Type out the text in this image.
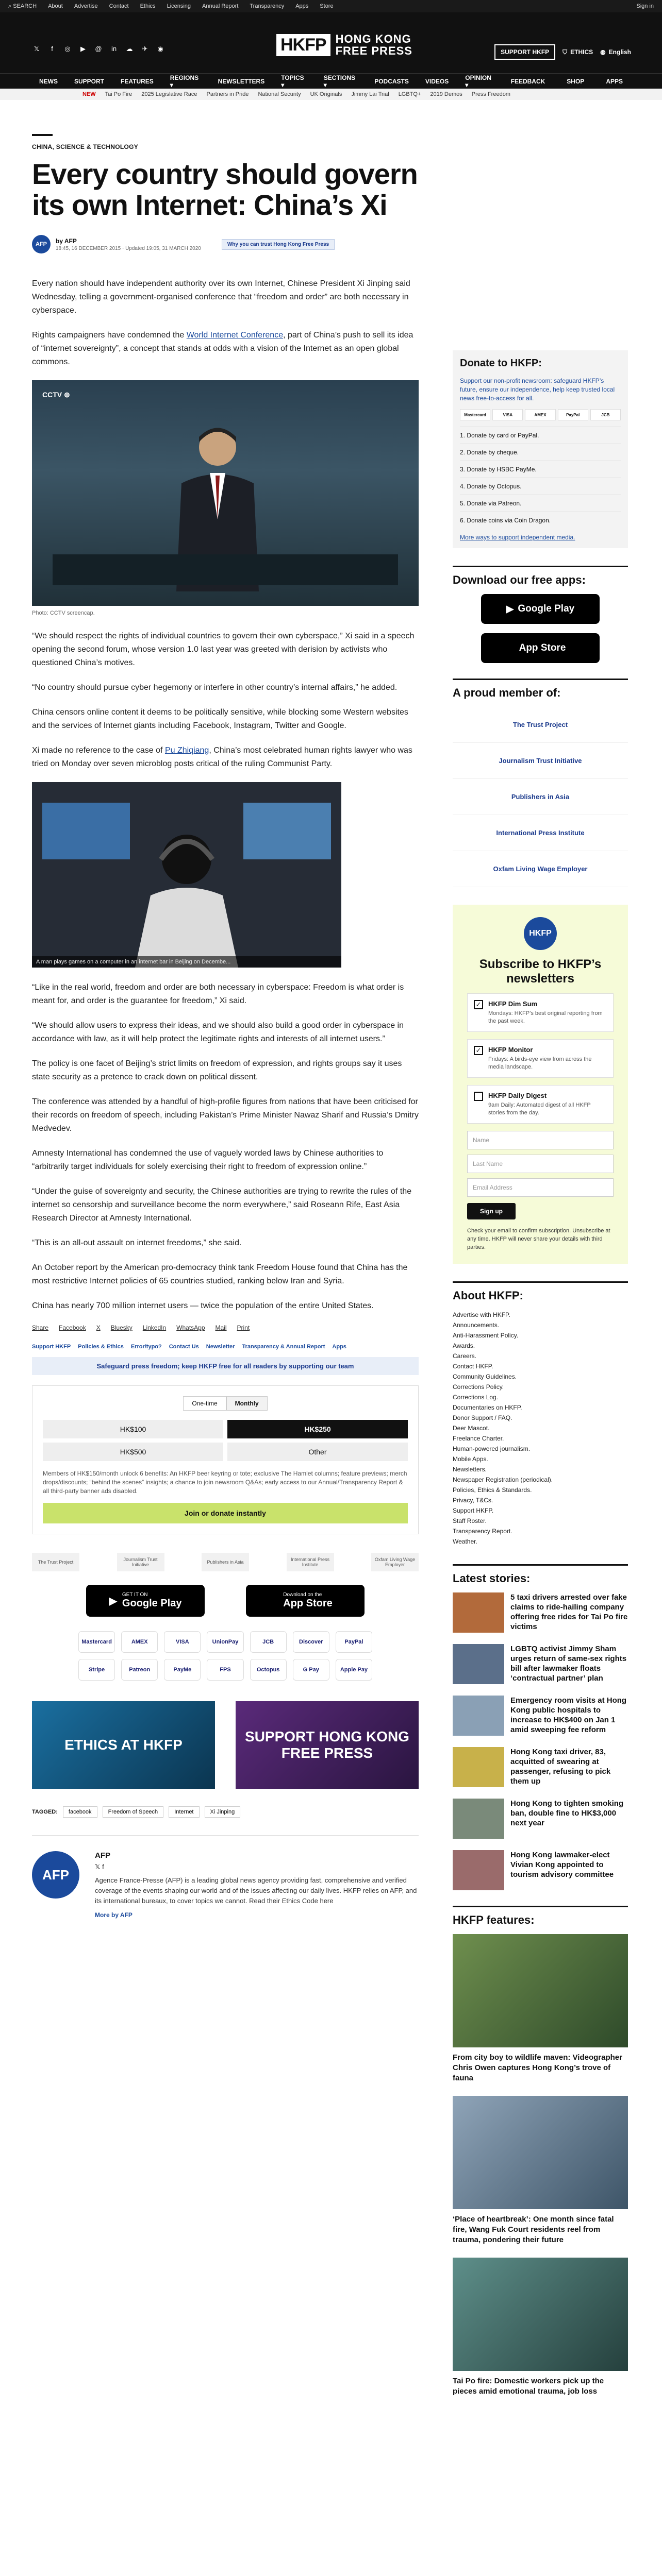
⌕ SEARCH About Advertise Contact Ethics Licensing Annual Report Transparency Apps Store	Sign in
𝕏	f	◎	▶	@	in	☁ ✈ ◉	HKFP HONG KONG
FREE PRESS	SUPPORT HKFP	⛉ ETHICS ◍ English
NEWS	SUPPORT	FEATURES	REGIONS ▾	NEWSLETTERS	TOPICS ▾
SECTIONS ▾	PODCASTS	VIDEOS	OPINION ▾	FEEDBACK	SHOP	APPS
NEW Tai Po Fire 2025 Legislative Race Partners in Pride National Security UK Originals Jimmy Lai Trial LGBTQ+ 2019 Demos Press Freedom
CHINA, SCIENCE & TECHNOLOGY
Every country should govern its own Internet: China’s Xi
AFP	by AFP
18:45, 16 DECEMBER 2015 · Updated 19:05, 31 MARCH 2020
Why you can trust Hong Kong Free Press

Every nation should have independent authority over its own Internet, Chinese President Xi Jinping said Wednesday, telling a government-organised conference that “freedom and order” are both necessary in cyberspace.

Rights campaigners have condemned the World Internet Conference, part of China’s push to sell its idea of “internet sovereignty”, a concept that stands at odds with a vision of the Internet as an open global commons.

CCTV ⊕
Photo: CCTV screencap.

“We should respect the rights of individual countries to govern their own cyberspace,” Xi said in a speech opening the second forum, whose version 1.0 last year was greeted with derision by activists who questioned China’s motives.

“No country should pursue cyber hegemony or interfere in other country’s internal affairs,” he added.

China censors online content it deems to be politically sensitive, while blocking some Western websites and the services of Internet giants including Facebook, Instagram, Twitter and Google.

Xi made no reference to the case of Pu Zhiqiang, China’s most celebrated human rights lawyer who was tried on Monday over seven microblog posts critical of the ruling Communist Party.

A man plays games on a computer in an internet bar in Beijing on Decembe...

“Like in the real world, freedom and order are both necessary in cyberspace: Freedom is what order is meant for, and order is the guarantee for freedom,” Xi said.

“We should allow users to express their ideas, and we should also build a good order in cyberspace in accordance with law, as it will help protect the legitimate rights and interests of all internet users.”

The policy is one facet of Beijing’s strict limits on freedom of expression, and rights groups say it uses state security as a pretence to crack down on political dissent.

The conference was attended by a handful of high-profile figures from nations that have been criticised for their records on freedom of speech, including Pakistan’s Prime Minister Nawaz Sharif and Russia’s Dmitry Medvedev.

Amnesty International has condemned the use of vaguely worded laws by Chinese authorities to “arbitrarily target individuals for solely exercising their right to freedom of expression online.”

“Under the guise of sovereignty and security, the Chinese authorities are trying to rewrite the rules of the internet so censorship and surveillance become the norm everywhere,” said Roseann Rife, East Asia Research Director at Amnesty International.

“This is an all-out assault on internet freedoms,” she said.

An October report by the American pro-democracy think tank Freedom House found that China has the most restrictive Internet policies of 65 countries studied, ranking below Iran and Syria.

China has nearly 700 million internet users — twice the population of the entire United States.

Share Facebook X Bluesky LinkedIn WhatsApp Mail Print
Support HKFP Policies & Ethics Error/typo? Contact Us Newsletter Transparency & Annual Report Apps
Safeguard press freedom; keep HKFP free for all readers by supporting our team
One-time	Monthly
HK$100	HK$250
HK$500	Other
Members of HK$150/month unlock 6 benefits: An HKFP beer keyring or tote; exclusive The Hamlet columns; feature previews; merch drops/discounts; “behind the scenes” insights; a chance to join newsroom Q&As; early access to our Annual/Transparency Report & all third-party banner ads disabled.
Join or donate instantly
The Trust Project	Journalism Trust Initiative	Publishers in Asia	International Press Institute
Oxfam Living Wage Employer
▶
GET IT ON
Google Play
Download on the
App Store
Mastercard	AMEX	VISA	UnionPay	JCB	Discover	PayPal
Stripe	Patreon	PayMe	FPS	Octopus	G Pay	Apple Pay
ETHICS AT HKFP
SUPPORT HONG KONG FREE PRESS
TAGGED:	facebook	Freedom of Speech	Internet	Xi Jinping
AFP
AFP
𝕏 f

Agence France-Presse (AFP) is a leading global news agency providing fast, comprehensive and verified coverage of the events shaping our world and of the issues affecting our daily lives. HKFP relies on AFP, and its international bureaux, to cover topics we cannot. Read their Ethics Code here

More by AFP
Donate to HKFP:
Support our non-profit newsroom: safeguard HKFP’s future, ensure our independence, help keep trusted local news free-to-access for all.
Mastercard	VISA	AMEX	PayPal	JCB
1. Donate by card or PayPal.
2. Donate by cheque.
3. Donate by HSBC PayMe.
4. Donate by Octopus.
5. Donate via Patreon.
6. Donate coins via Coin Dragon.
More ways to support independent media.
Download our free apps:
▶ Google Play
App Store
A proud member of:
The Trust Project
Journalism Trust Initiative
Publishers in Asia
International Press Institute
Oxfam Living Wage Employer
HKFP
Subscribe to HKFP’s newsletters
✓ HKFP Dim Sum
Mondays: HKFP’s best original reporting from the past week.
✓ HKFP Monitor
Fridays: A birds-eye view from across the media landscape.
HKFP Daily Digest
9am Daily: Automated digest of all HKFP stories from the day.
Name
Last Name
Email Address
Sign up
Check your email to confirm subscription. Unsubscribe at any time. HKFP will never share your details with third parties.
About HKFP:
Advertise with HKFP.
Announcements.
Anti-Harassment Policy.
Awards.
Careers.
Contact HKFP.
Community Guidelines.
Corrections Policy.
Corrections Log.
Documentaries on HKFP.
Donor Support / FAQ.
Deer Mascot.
Freelance Charter.
Human-powered journalism.
Mobile Apps.
Newsletters.
Newspaper Registration (periodical).
Policies, Ethics & Standards.
Privacy, T&Cs.
Support HKFP.
Staff Roster.
Transparency Report.
Weather.
Latest stories:
5 taxi drivers arrested over fake claims to ride-hailing company offering free rides for Tai Po fire victims
LGBTQ activist Jimmy Sham urges return of same-sex rights bill after lawmaker floats ‘contractual partner’ plan
Emergency room visits at Hong Kong public hospitals to increase to HK$400 on Jan 1 amid sweeping fee reform
Hong Kong taxi driver, 83, acquitted of swearing at passenger, refusing to pick them up
Hong Kong to tighten smoking ban, double fine to HK$3,000 next year
Hong Kong lawmaker-elect Vivian Kong appointed to tourism advisory committee
HKFP features:
From city boy to wildlife maven: Videographer Chris Owen captures Hong Kong’s trove of fauna
‘Place of heartbreak’: One month since fatal fire, Wang Fuk Court residents reel from trauma, pondering their future
Tai Po fire: Domestic workers pick up the pieces amid emotional trauma, job loss
